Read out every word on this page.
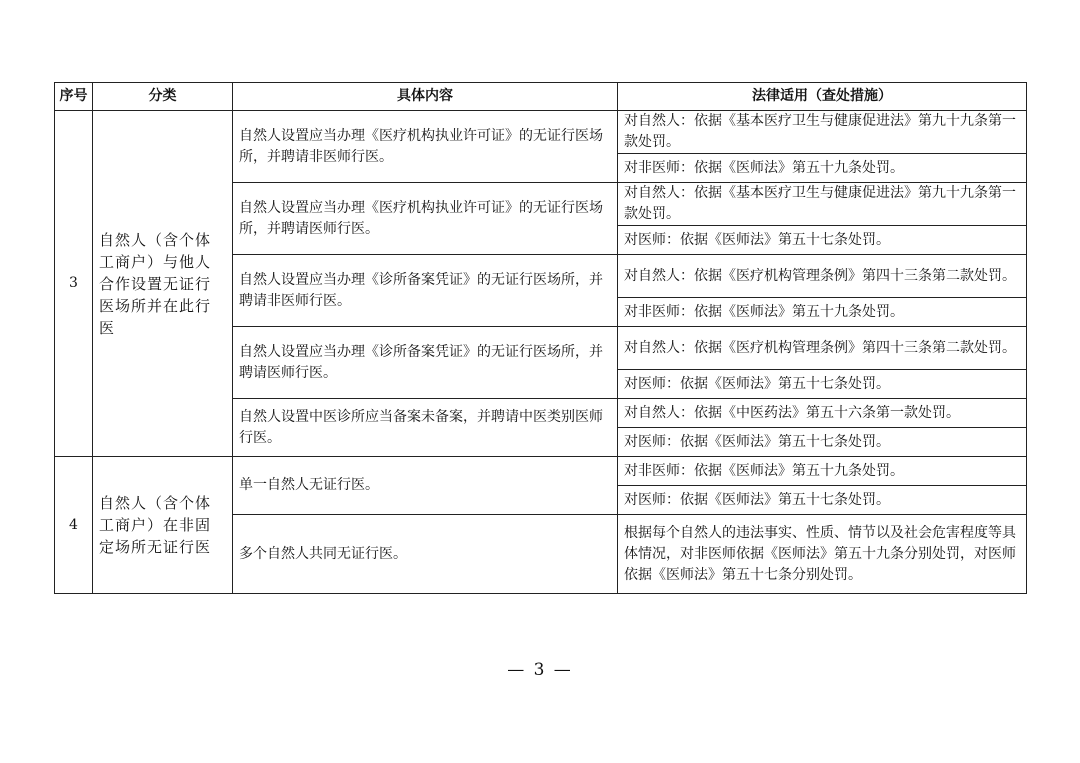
序号	分类	具体内容	法律适用（查处措施）
3	自然人（含个体工商户）与他人合作设置无证行医场所并在此行医	自然人设置应当办理《医疗机构执业许可证》的无证行医场所，并聘请非医师行医。	对自然人：依据《基本医疗卫生与健康促进法》第九十九条第一款处罚。
			对非医师：依据《医师法》第五十九条处罚。
		自然人设置应当办理《医疗机构执业许可证》的无证行医场所，并聘请医师行医。	对自然人：依据《基本医疗卫生与健康促进法》第九十九条第一款处罚。
			对医师：依据《医师法》第五十七条处罚。
		自然人设置应当办理《诊所备案凭证》的无证行医场所，并聘请非医师行医。	对自然人：依据《医疗机构管理条例》第四十三条第二款处罚。
			对非医师：依据《医师法》第五十九条处罚。
		自然人设置应当办理《诊所备案凭证》的无证行医场所，并聘请医师行医。	对自然人：依据《医疗机构管理条例》第四十三条第二款处罚。
			对医师：依据《医师法》第五十七条处罚。
		自然人设置中医诊所应当备案未备案，并聘请中医类别医师行医。	对自然人：依据《中医药法》第五十六条第一款处罚。
			对医师：依据《医师法》第五十七条处罚。
4	自然人（含个体工商户）在非固定场所无证行医	单一自然人无证行医。	对非医师：依据《医师法》第五十九条处罚。
			对医师：依据《医师法》第五十七条处罚。
		多个自然人共同无证行医。	根据每个自然人的违法事实、性质、情节以及社会危害程度等具体情况，对非医师依据《医师法》第五十九条分别处罚，对医师依据《医师法》第五十七条分别处罚。
— 3 —
